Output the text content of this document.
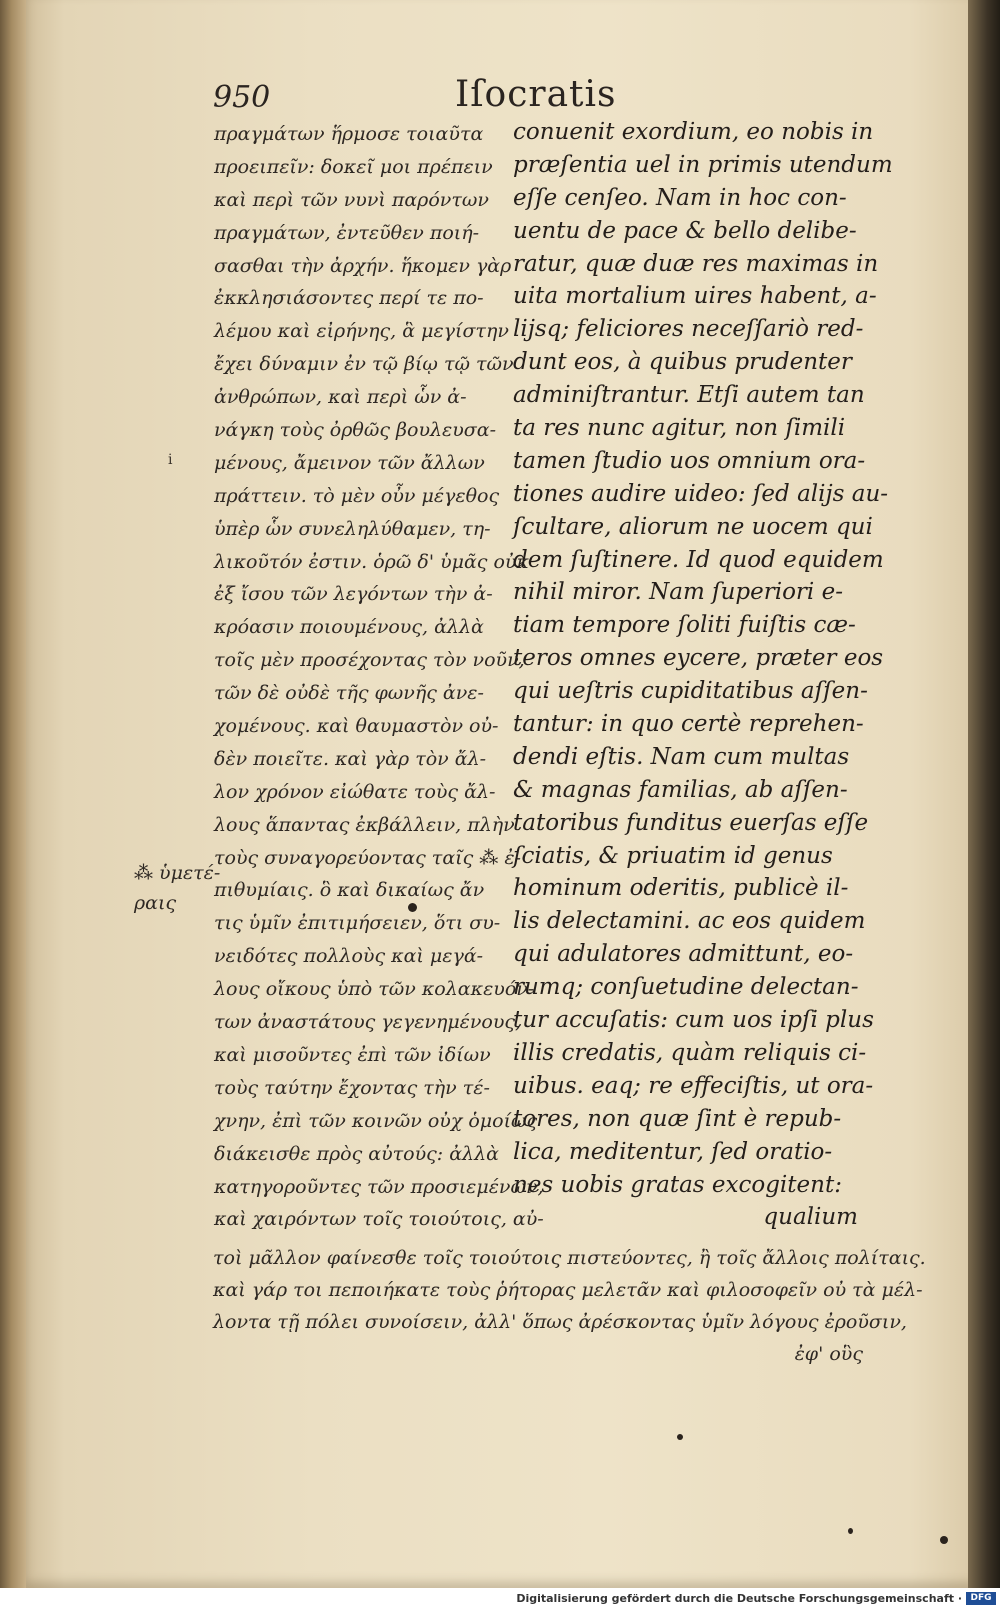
950	Iſocratis
πραγμάτων ἥρμοσε τοιαῦτα
προειπεῖν: δοκεῖ μοι πρέπειν
καὶ περὶ τῶν νυνὶ παρόντων
πραγμάτων, ἐντεῦθεν ποιή-
σασθαι τὴν ἀρχήν. ἥκομεν γὰρ
ἐκκλησιάσοντες περί τε πο-
λέμου καὶ εἰρήνης, ἃ μεγίστην
ἔχει δύναμιν ἐν τῷ βίῳ τῷ τῶν
ἀνθρώπων, καὶ περὶ ὧν ἀ-
νάγκη τοὺς ὀρθῶς βουλευσα-
μένους, ἄμεινον τῶν ἄλλων
πράττειν. τὸ μὲν οὖν μέγεθος
ὑπὲρ ὧν συνεληλύθαμεν, τη-
λικοῦτόν ἐστιν. ὁρῶ δ' ὑμᾶς οὐκ
ἐξ ἴσου τῶν λεγόντων τὴν ἀ-
κρόασιν ποιουμένους, ἀλλὰ
τοῖς μὲν προσέχοντας τὸν νοῦν,
τῶν δὲ οὐδὲ τῆς φωνῆς ἀνε-
χομένους. καὶ θαυμαστὸν οὐ-
δὲν ποιεῖτε. καὶ γὰρ τὸν ἄλ-
λον χρόνον εἰώθατε τοὺς ἄλ-
λους ἅπαντας ἐκβάλλειν, πλὴν
τοὺς συναγορεύοντας ταῖς ⁂ ἐ-
πιθυμίαις. ὃ καὶ δικαίως ἄν
τις ὑμῖν ἐπιτιμήσειεν, ὅτι συ-
νειδότες πολλοὺς καὶ μεγά-
λους οἴκους ὑπὸ τῶν κολακευόν-
των ἀναστάτους γεγενημένους,
καὶ μισοῦντες ἐπὶ τῶν ἰδίων
τοὺς ταύτην ἔχοντας τὴν τέ-
χνην, ἐπὶ τῶν κοινῶν οὐχ ὁμοίως
διάκεισθε πρὸς αὐτούς: ἀλλὰ
κατηγοροῦντες τῶν προσιεμένων,
καὶ χαιρόντων τοῖς τοιούτοις, αὐ-
conuenit exordium, eo nobis in
præſentia uel in primis utendum
eſſe cenſeo. Nam in hoc con-
uentu de pace & bello delibe-
ratur, quæ duæ res maximas in
uita mortalium uires habent, a-
lijsq; feliciores neceſſariò red-
dunt eos, à quibus prudenter
adminiſtrantur. Etſi autem tan
ta res nunc agitur, non ſimili
tamen ſtudio uos omnium ora-
tiones audire uideo: ſed alijs au-
ſcultare, aliorum ne uocem qui
dem ſuſtinere. Id quod equidem
nihil miror. Nam ſuperiori e-
tiam tempore ſoliti fuiſtis cæ-
teros omnes eycere, præter eos
qui ueſtris cupiditatibus aſſen-
tantur: in quo certè reprehen-
dendi eſtis. Nam cum multas
& magnas familias, ab aſſen-
tatoribus funditus euerſas eſſe
ſciatis, & priuatim id genus
hominum oderitis, publicè il-
lis delectamini. ac eos quidem
qui adulatores admittunt, eo-
rumq; conſuetudine delectan-
tur accuſatis: cum uos ipſi plus
illis credatis, quàm reliquis ci-
uibus. eaq; re effeciſtis, ut ora-
tores, non quæ ſint è repub-
lica, meditentur, ſed oratio-
nes uobis gratas excogitent:
qualium
τοὶ μᾶλλον φαίνεσθε τοῖς τοιούτοις πιστεύοντες, ἢ τοῖς ἄλλοις πολίταις.
καὶ γάρ τοι πεποιήκατε τοὺς ῥήτορας μελετᾶν καὶ φιλοσοφεῖν οὐ τὰ μέλ-
λοντα τῇ πόλει συνοίσειν, ἀλλ' ὅπως ἀρέσκοντας ὑμῖν λόγους ἐροῦσιν,
ἐφ' οὓς
⁂ ὑμετέ-
ραις
ⅰ
Digitalisierung gefördert durch die Deutsche Forschungsgemeinschaft · DFG
